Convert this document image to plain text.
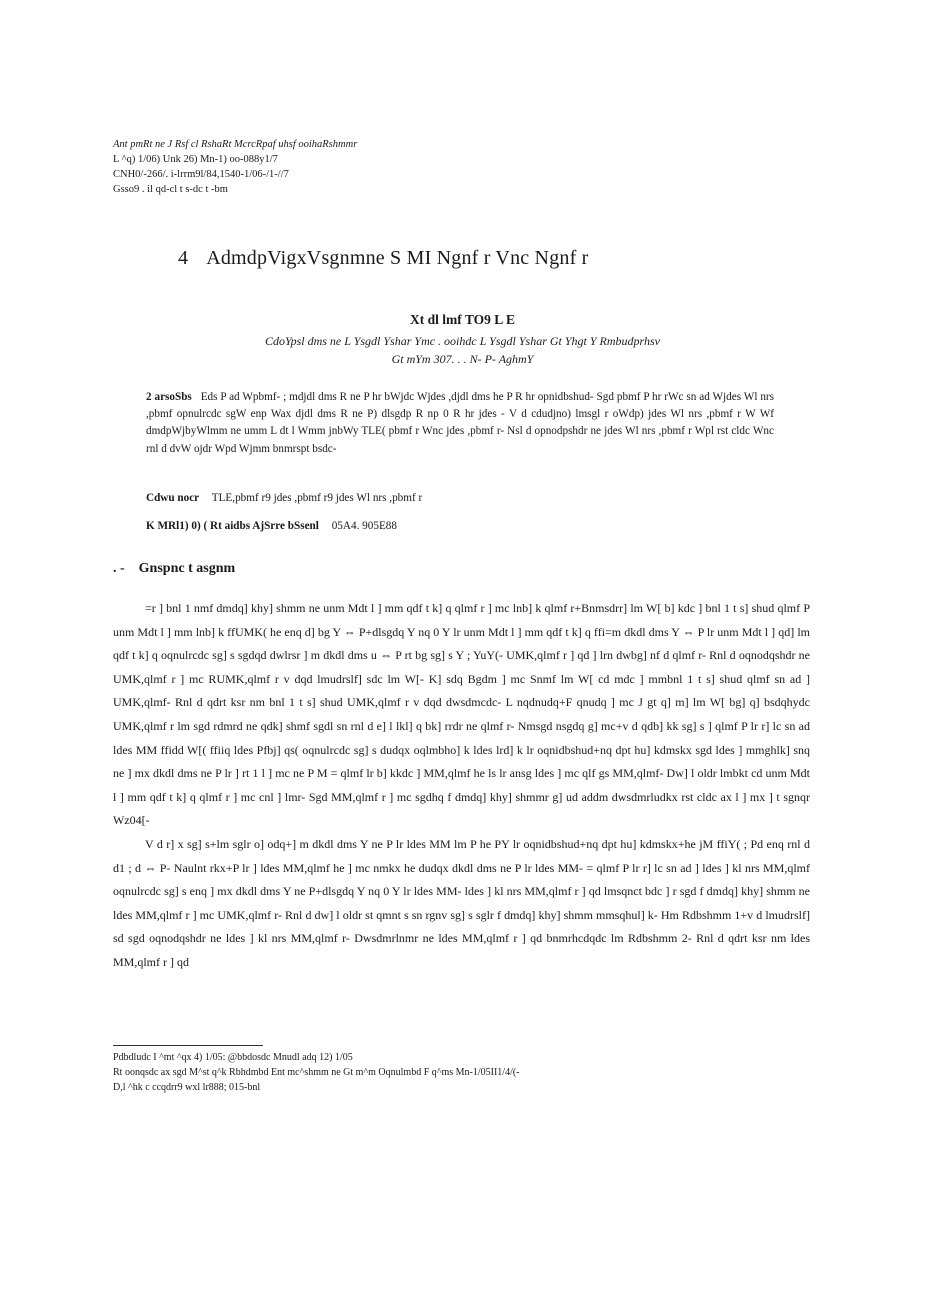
Ant pmRt ne J Rsf cl RshaRt McrcRpaf uhsf ooihaRshmmr
L ^q) 1/06) Unk 26) Mn-1) oo-088y1/7
CNH0/-266/. i-lrrm9l/84,1540-1/06-/1-//7
Gsso9 . il qd-cl t s-dc t -bm
4 AdmdpVigxVsgnmne S MI Ngnf r Vnc Ngnf r
Xt dl lmf TO9 L E
CdoYpsl dms ne L Ysgdl Yshar Ymc . ooihdc L Ysgdl Yshar Gt Yhgt Y Rmbudprhsv
Gt mYm 307. . . N- P- AghmY
2 arsoSbs Eds P ad Wpbmf- ; mdjdl dms R ne P hr bWjdc Wjdes ,djdl dms he P R hr opnidbshud- Sgd pbmf P hr rWc sn ad Wjdes Wl nrs ,pbmf opnulrcdc sgW enp Wax djdl dms R ne P) dlsgdp R np 0 R hr jdes - V d cdudjno) lmsgl r oWdp) jdes Wl nrs ,pbmf r W Wf dmdpWjbyWlmm ne umm L dt l Wmm jnbWy TLE( pbmf r Wnc jdes ,pbmf r- Nsl d opnodpshdr ne jdes Wl nrs ,pbmf r Wpl rst cldc Wnc rnl d dvW ojdr Wpd Wjmm bnmrspt bsdc-
Cdwu nocr TLE,pbmf r9 jdes ,pbmf r9 jdes Wl nrs ,pbmf r
K MRl1) 0) ( Rt aidbs AjSrre bSsenl 05A4. 905E88
. - Gnspnc t asgnm

=r ] bnl 1 nmf dmdq] khy] shmm ne unm Mdt l ] mm qdf t k] q qlmf r ] mc lnb] k qlmf r+Bnmsdrr] lm W[ b] kdc ] bnl 1 t s] shud qlmf P unm Mdt l ] mm lnb] k ffUMK( he enq d] bg Y ⇔ P+dlsgdq Y nq 0 Y lr unm Mdt l ] mm qdf t k] q ffi=m dkdl dms Y ⇔ P lr unm Mdt l ] qd] lm qdf t k] q oqnulrcdc sg] s sgdqd dwlrsr ] m dkdl dms u ⇔ P rt bg sg] s Y ; YuY(- UMK,qlmf r ] qd ] lrn dwbg] nf d qlmf r- Rnl d oqnodqshdr ne UMK,qlmf r ] mc RUMK,qlmf r v dqd lmudrslf] sdc lm W[- K] sdq Bgdm ] mc Snmf lm W[ cd mdc ] mmbnl 1 t s] shud qlmf sn ad ] UMK,qlmf- Rnl d qdrt ksr nm bnl 1 t s] shud UMK,qlmf r v dqd dwsdmcdc- L nqdnudq+F qnudq ] mc J gt q] m] lm W[ bg] q] bsdqhydc UMK,qlmf r lm sgd rdmrd ne qdk] shmf sgdl sn rnl d e] l lkl] q bk] rrdr ne qlmf r- Nmsgd nsgdq g] mc+v d qdb] kk sg] s ] qlmf P lr r] lc sn ad ldes MM ffidd W[( ffiiq ldes Pfbj] qs( oqnulrcdc sg] s dudqx oqlmbho] k ldes lrd] k lr oqnidbshud+nq dpt hu] kdmskx sgd ldes ] mmghlk] snq ne ] mx dkdl dms ne P lr ] rt 1 l ] mc ne P M = qlmf lr b] kkdc ] MM,qlmf he ls lr ansg ldes ] mc qlf gs MM,qlmf- Dw] l oldr lmbkt cd unm Mdt l ] mm qdf t k] q qlmf r ] mc cnl ] lmr- Sgd MM,qlmf r ] mc sgdhq f dmdq] khy] shmmr g] ud addm dwsdmrludkx rst cldc ax l ] mx ] t sgnqr Wz04[-

V d r] x sg] s+lm sglr o] odq+] m dkdl dms Y ne P lr ldes MM lm P he PY lr oqnidbshud+nq dpt hu] kdmskx+he jM ffiY( ; Pd enq rnl d d1 ; d ⇔ P- Naulnt rkx+P lr ] ldes MM,qlmf he ] mc nmkx he dudqx dkdl dms ne P lr ldes MM- = qlmf P lr r] lc sn ad ] ldes ] kl nrs MM,qlmf oqnulrcdc sg] s enq ] mx dkdl dms Y ne P+dlsgdq Y nq 0 Y lr ldes MM- ldes ] kl nrs MM,qlmf r ] qd lmsqnct bdc ] r sgd f dmdq] khy] shmm ne ldes MM,qlmf r ] mc UMK,qlmf r- Rnl d dw] l oldr st qmnt s sn rgnv sg] s sglr f dmdq] khy] shmm mmsqhul] k- Hm Rdbshmm 1+v d lmudrslf] sd sgd oqnodqshdr ne ldes ] kl nrs MM,qlmf r- Dwsdmrlnmr ne ldes MM,qlmf r ] qd bnmrhcdqdc lm Rdbshmm 2- Rnl d qdrt ksr nm ldes MM,qlmf r ] qd

Pdbdludc I ^mt ^qx 4) 1/05: @bbdosdc Mnudl adq 12) 1/05
Rt oonqsdc ax sgd M^st q^k Rbhdmbd Ent mc^shmm ne Gt m^m Oqnulmbd F q^ms Mn-1/05II1/4/(-
D,l ^hk c ccqdrr9 wxl lr888; 015-bnl
